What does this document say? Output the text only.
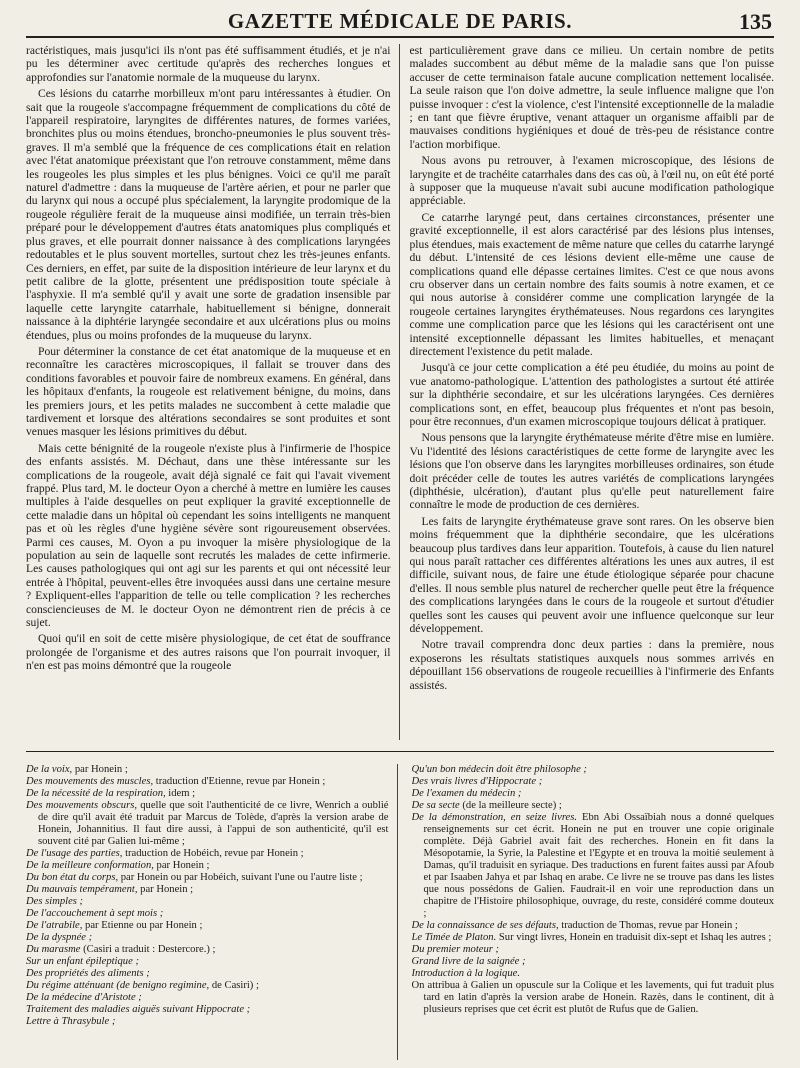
GAZETTE MÉDICALE DE PARIS.	135

ractéristiques, mais jusqu'ici ils n'ont pas été suffisamment étudiés, et je n'ai pu les déterminer avec certitude qu'après des recherches longues et approfondies sur l'anatomie normale de la muqueuse du larynx.

Ces lésions du catarrhe morbilleux m'ont paru intéressantes à étudier. On sait que la rougeole s'accompagne fréquemment de complications du côté de l'appareil respiratoire, laryngites de différentes natures, de formes variées, bronchites plus ou moins étendues, broncho-pneumonies le plus souvent très-graves. Il m'a semblé que la fréquence de ces complications était en relation avec l'état anatomique préexistant que l'on retrouve constamment, même dans les rougeoles les plus simples et les plus bénignes. Voici ce qu'il me paraît naturel d'admettre : dans la muqueuse de l'artère aérien, et pour ne parler que du larynx qui nous a occupé plus spécialement, la laryngite prodomique de la rougeole régulière ferait de la muqueuse ainsi modifiée, un terrain très-bien préparé pour le développement d'autres états anatomiques plus compliqués et plus graves, et elle pourrait donner naissance à des complications laryngées redoutables et le plus souvent mortelles, surtout chez les très-jeunes enfants. Ces derniers, en effet, par suite de la disposition intérieure de leur larynx et du petit calibre de la glotte, présentent une prédisposition toute spéciale à l'asphyxie. Il m'a semblé qu'il y avait une sorte de gradation insensible par laquelle cette laryngite catarrhale, habituellement si bénigne, donnerait naissance à la diphtérie laryngée secondaire et aux ulcérations plus ou moins étendues, plus ou moins profondes de la muqueuse du larynx.

Pour déterminer la constance de cet état anatomique de la muqueuse et en reconnaître les caractères microscopiques, il fallait se trouver dans des conditions favorables et pouvoir faire de nombreux examens. En général, dans les hôpitaux d'enfants, la rougeole est relativement bénigne, du moins, dans les premiers jours, et les petits malades ne succombent à cette maladie que tardivement et lorsque des altérations secondaires se sont produites et sont venues masquer les lésions primitives du début.

Mais cette bénignité de la rougeole n'existe plus à l'infirmerie de l'hospice des enfants assistés. M. Déchaut, dans une thèse intéressante sur les complications de la rougeole, avait déjà signalé ce fait qui l'avait vivement frappé. Plus tard, M. le docteur Oyon a cherché à mettre en lumière les causes multiples à l'aide desquelles on peut expliquer la gravité exceptionnelle de cette maladie dans un hôpital où cependant les soins intelligents ne manquent pas et où les règles d'une hygiène sévère sont rigoureusement observées. Parmi ces causes, M. Oyon a pu invoquer la misère physiologique de la population au sein de laquelle sont recrutés les malades de cette infirmerie. Les causes pathologiques qui ont agi sur les parents et qui ont nécessité leur entrée à l'hôpital, peuvent-elles être invoquées aussi dans une certaine mesure ? Expliquent-elles l'apparition de telle ou telle complication ? les recherches consciencieuses de M. le docteur Oyon ne démontrent rien de précis à ce sujet.

Quoi qu'il en soit de cette misère physiologique, de cet état de souffrance prolongée de l'organisme et des autres raisons que l'on pourrait invoquer, il n'en est pas moins démontré que la rougeole

est particulièrement grave dans ce milieu. Un certain nombre de petits malades succombent au début même de la maladie sans que l'on puisse accuser de cette terminaison fatale aucune complication nettement localisée. La seule raison que l'on doive admettre, la seule influence maligne que l'on puisse invoquer : c'est la violence, c'est l'intensité exceptionnelle de la maladie ; en tant que fièvre éruptive, venant attaquer un organisme affaibli par de mauvaises conditions hygiéniques et doué de très-peu de résistance contre l'action morbifique.

Nous avons pu retrouver, à l'examen microscopique, des lésions de laryngite et de trachéite catarrhales dans des cas où, à l'œil nu, on eût été porté à supposer que la muqueuse n'avait subi aucune modification pathologique appréciable.

Ce catarrhe laryngé peut, dans certaines circonstances, présenter une gravité exceptionnelle, il est alors caractérisé par des lésions plus intenses, plus étendues, mais exactement de même nature que celles du catarrhe laryngé du début. L'intensité de ces lésions devient elle-même une cause de complications quand elle dépasse certaines limites. C'est ce que nous avons cru observer dans un certain nombre des faits soumis à notre examen, et ce qui nous autorise à considérer comme une complication laryngée de la rougeole certaines laryngites érythémateuses. Nous regardons ces laryngites comme une complication parce que les lésions qui les caractérisent ont une intensité exceptionnelle dépassant les limites habituelles, et menaçant directement l'existence du petit malade.

Jusqu'à ce jour cette complication a été peu étudiée, du moins au point de vue anatomo-pathologique. L'attention des pathologistes a surtout été attirée sur la diphthérie secondaire, et sur les ulcérations laryngées. Ces dernières complications sont, en effet, beaucoup plus fréquentes et n'ont pas besoin, pour être reconnues, d'un examen microscopique toujours délicat à pratiquer.

Nous pensons que la laryngite érythémateuse mérite d'être mise en lumière. Vu l'identité des lésions caractéristiques de cette forme de laryngite avec les lésions que l'on observe dans les laryngites morbilleuses ordinaires, son étude doit précéder celle de toutes les autres variétés de complications laryngées (diphthésie, ulcération), d'autant plus qu'elle peut naturellement faire connaître le mode de production de ces dernières.

Les faits de laryngite érythémateuse grave sont rares. On les observe bien moins fréquemment que la diphthérie secondaire, que les ulcérations beaucoup plus tardives dans leur apparition. Toutefois, à cause du lien naturel qui nous paraît rattacher ces différentes altérations les unes aux autres, il est difficile, suivant nous, de faire une étude étiologique séparée pour chacune d'elles. Il nous semble plus naturel de rechercher quelle peut être la fréquence des complications laryngées dans le cours de la rougeole et surtout d'étudier quelles sont les causes qui peuvent avoir une influence quelconque sur leur développement.

Notre travail comprendra donc deux parties : dans la première, nous exposerons les résultats statistiques auxquels nous sommes arrivés en dépouillant 156 observations de rougeole recueillies à l'infirmerie des Enfants assistés.

De la voix, par Honein ;

Des mouvements des muscles, traduction d'Etienne, revue par Honein ;

De la nécessité de la respiration, idem ;

Des mouvements obscurs, quelle que soit l'authenticité de ce livre, Wenrich a oublié de dire qu'il avait été traduit par Marcus de Tolède, d'après la version arabe de Honein, Johannitius. Il faut dire aussi, à l'appui de son authenticité, qu'il est souvent cité par Galien lui-même ;

De l'usage des parties, traduction de Hobéich, revue par Honein ;

De la meilleure conformation, par Honein ;

Du bon état du corps, par Honein ou par Hobéich, suivant l'une ou l'autre liste ;

Du mauvais tempérament, par Honein ;

Des simples ;

De l'accouchement à sept mois ;

De l'atrabile, par Etienne ou par Honein ;

De la dyspnée ;

Du marasme (Casiri a traduit : Destercore.) ;

Sur un enfant épileptique ;

Des propriétés des aliments ;

Du régime atténuant (de benigno regimine, de Casiri) ;

De la médecine d'Aristote ;

Traitement des maladies aiguës suivant Hippocrate ;

Lettre à Thrasybule ;

Qu'un bon médecin doit être philosophe ;

Des vrais livres d'Hippocrate ;

De l'examen du médecin ;

De sa secte (de la meilleure secte) ;

De la démonstration, en seize livres. Ebn Abi Ossaïbiah nous a donné quelques renseignements sur cet écrit. Honein ne put en trouver une copie originale complète. Déjà Gabriel avait fait des recherches. Honein en fit dans la Mésopotamie, la Syrie, la Palestine et l'Egypte et en trouva la moitié seulement à Damas, qu'il traduisit en syriaque. Des traductions en furent faites aussi par Afoub et par Isaaben Jahya et par Ishaq en arabe. Ce livre ne se trouve pas dans les listes que nous possédons de Galien. Faudrait-il en voir une reproduction dans un chapitre de l'Histoire philosophique, ouvrage, du reste, considéré comme douteux ;

De la connaissance de ses défauts, traduction de Thomas, revue par Honein ;

Le Timée de Platon. Sur vingt livres, Honein en traduisit dix-sept et Ishaq les autres ;

Du premier moteur ;

Grand livre de la saignée ;

Introduction à la logique.

On attribua à Galien un opuscule sur la Colique et les lavements, qui fut traduit plus tard en latin d'après la version arabe de Honein. Razès, dans le continent, dit à plusieurs reprises que cet écrit est plutôt de Rufus que de Galien.
